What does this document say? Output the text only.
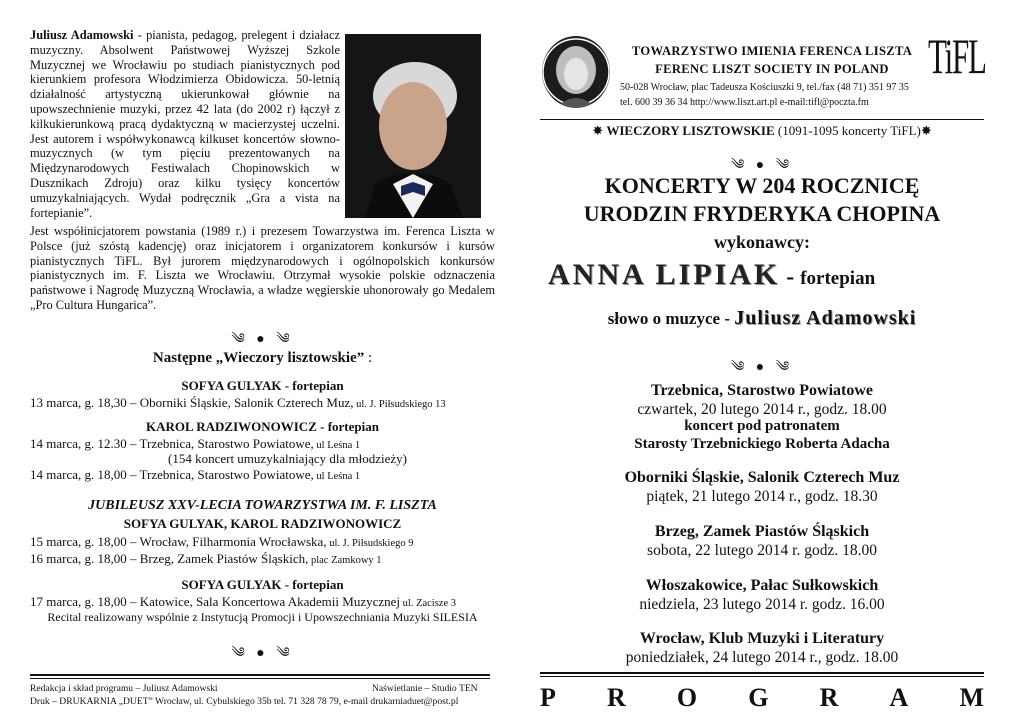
Juliusz Adamowski - pianista, pedagog, prelegent i działacz muzyczny. Absolwent Państwowej Wyższej Szkole Muzycznej we Wrocławiu po studiach pianistycznych pod kierunkiem profesora Włodzimierza Obidowicza. 50-letnią działalność artystyczną ukierunkował głównie na upowszechnienie muzyki, przez 42 lata (do 2002 r) łączył z kilkukierunkową pracą dydaktyczną w macierzystej uczelni. Jest autorem i współwykonawcą kilkuset koncertów słowno-muzycznych (w tym pięciu prezentowanych na Międzynarodowych Festiwalach Chopinowskich w Dusznikach Zdroju) oraz kilku tysięcy koncertów umuzykalniających. Wydał podręcznik „Gra a vista na fortepianie”.
Jest współinicjatorem powstania (1989 r.) i prezesem Towarzystwa im. Ferenca Liszta w Polsce (już szóstą kadencję) oraz inicjatorem i organizatorem konkursów i kursów pianistycznych TiFL. Był jurorem międzynarodowych i ogólnopolskich konkursów pianistycznych im. F. Liszta we Wrocławiu. Otrzymał wysokie polskie odznaczenia państwowe i Nagrodę Muzyczną Wrocławia, a władze węgierskie uhonorowały go Medalem „Pro Cultura Hungarica”.
༄ ● ༄
Następne „Wieczory lisztowskie” :
SOFYA GULYAK - fortepian
13 marca, g. 18,30 – Oborniki Śląskie, Salonik Czterech Muz, ul. J. Piłsudskiego 13
KAROL RADZIWONOWICZ - fortepian
14 marca, g. 12.30 – Trzebnica, Starostwo Powiatowe, ul Leśna 1
(154 koncert umuzykalniający dla młodzieży)
14 marca, g. 18,00 – Trzebnica, Starostwo Powiatowe, ul Leśna 1
JUBILEUSZ XXV-LECIA TOWARZYSTWA IM. F. LISZTA
SOFYA GULYAK, KAROL RADZIWONOWICZ
15 marca, g. 18,00 – Wrocław, Filharmonia Wrocławska, ul. J. Piłsudskiego 9
16 marca, g. 18,00 – Brzeg, Zamek Piastów Śląskich, plac Zamkowy 1
SOFYA GULYAK - fortepian
17 marca, g. 18,00 – Katowice, Sala Koncertowa Akademii Muzycznej ul. Zacisze 3
Recital realizowany wspólnie z Instytucją Promocji i Upowszechniania Muzyki SILESIA
༄ ● ༄
Redakcja i skład programu – Juliusz Adamowski	Naświetlanie – Studio TEN
Druk – DRUKARNIA „DUET” Wrocław, ul. Cybulskiego 35b tel. 71 328 78 79, e-mail drukarniaduet@post.pl
TOWARZYSTWO IMIENIA FERENCA LISZTA
FERENC LISZT SOCIETY IN POLAND
50-028 Wrocław, plac Tadeusza Kościuszki 9, tel./fax (48 71) 351 97 35
tel. 600 39 36 34 http://www.liszt.art.pl e-mail:tifl@poczta.fm
TiFL
✸ WIECZORY LISZTOWSKIE (1091-1095 koncerty TiFL)✸
༄ ● ༄
KONCERTY W 204 ROCZNICĘ
URODZIN FRYDERYKA CHOPINA
wykonawcy:
ANNA LIPIAK - fortepian
słowo o muzyce - Juliusz Adamowski
༄ ● ༄
Trzebnica, Starostwo Powiatowe
czwartek, 20 lutego 2014 r., godz. 18.00
koncert pod patronatem
Starosty Trzebnickiego Roberta Adacha
Oborniki Śląskie, Salonik Czterech Muz
piątek, 21 lutego 2014 r., godz. 18.30
Brzeg, Zamek Piastów Śląskich
sobota, 22 lutego 2014 r. godz. 18.00
Włoszakowice, Pałac Sułkowskich
niedziela, 23 lutego 2014 r. godz. 16.00
Wrocław, Klub Muzyki i Literatury
poniedziałek, 24 lutego 2014 r., godz. 18.00
P R O G R A M
